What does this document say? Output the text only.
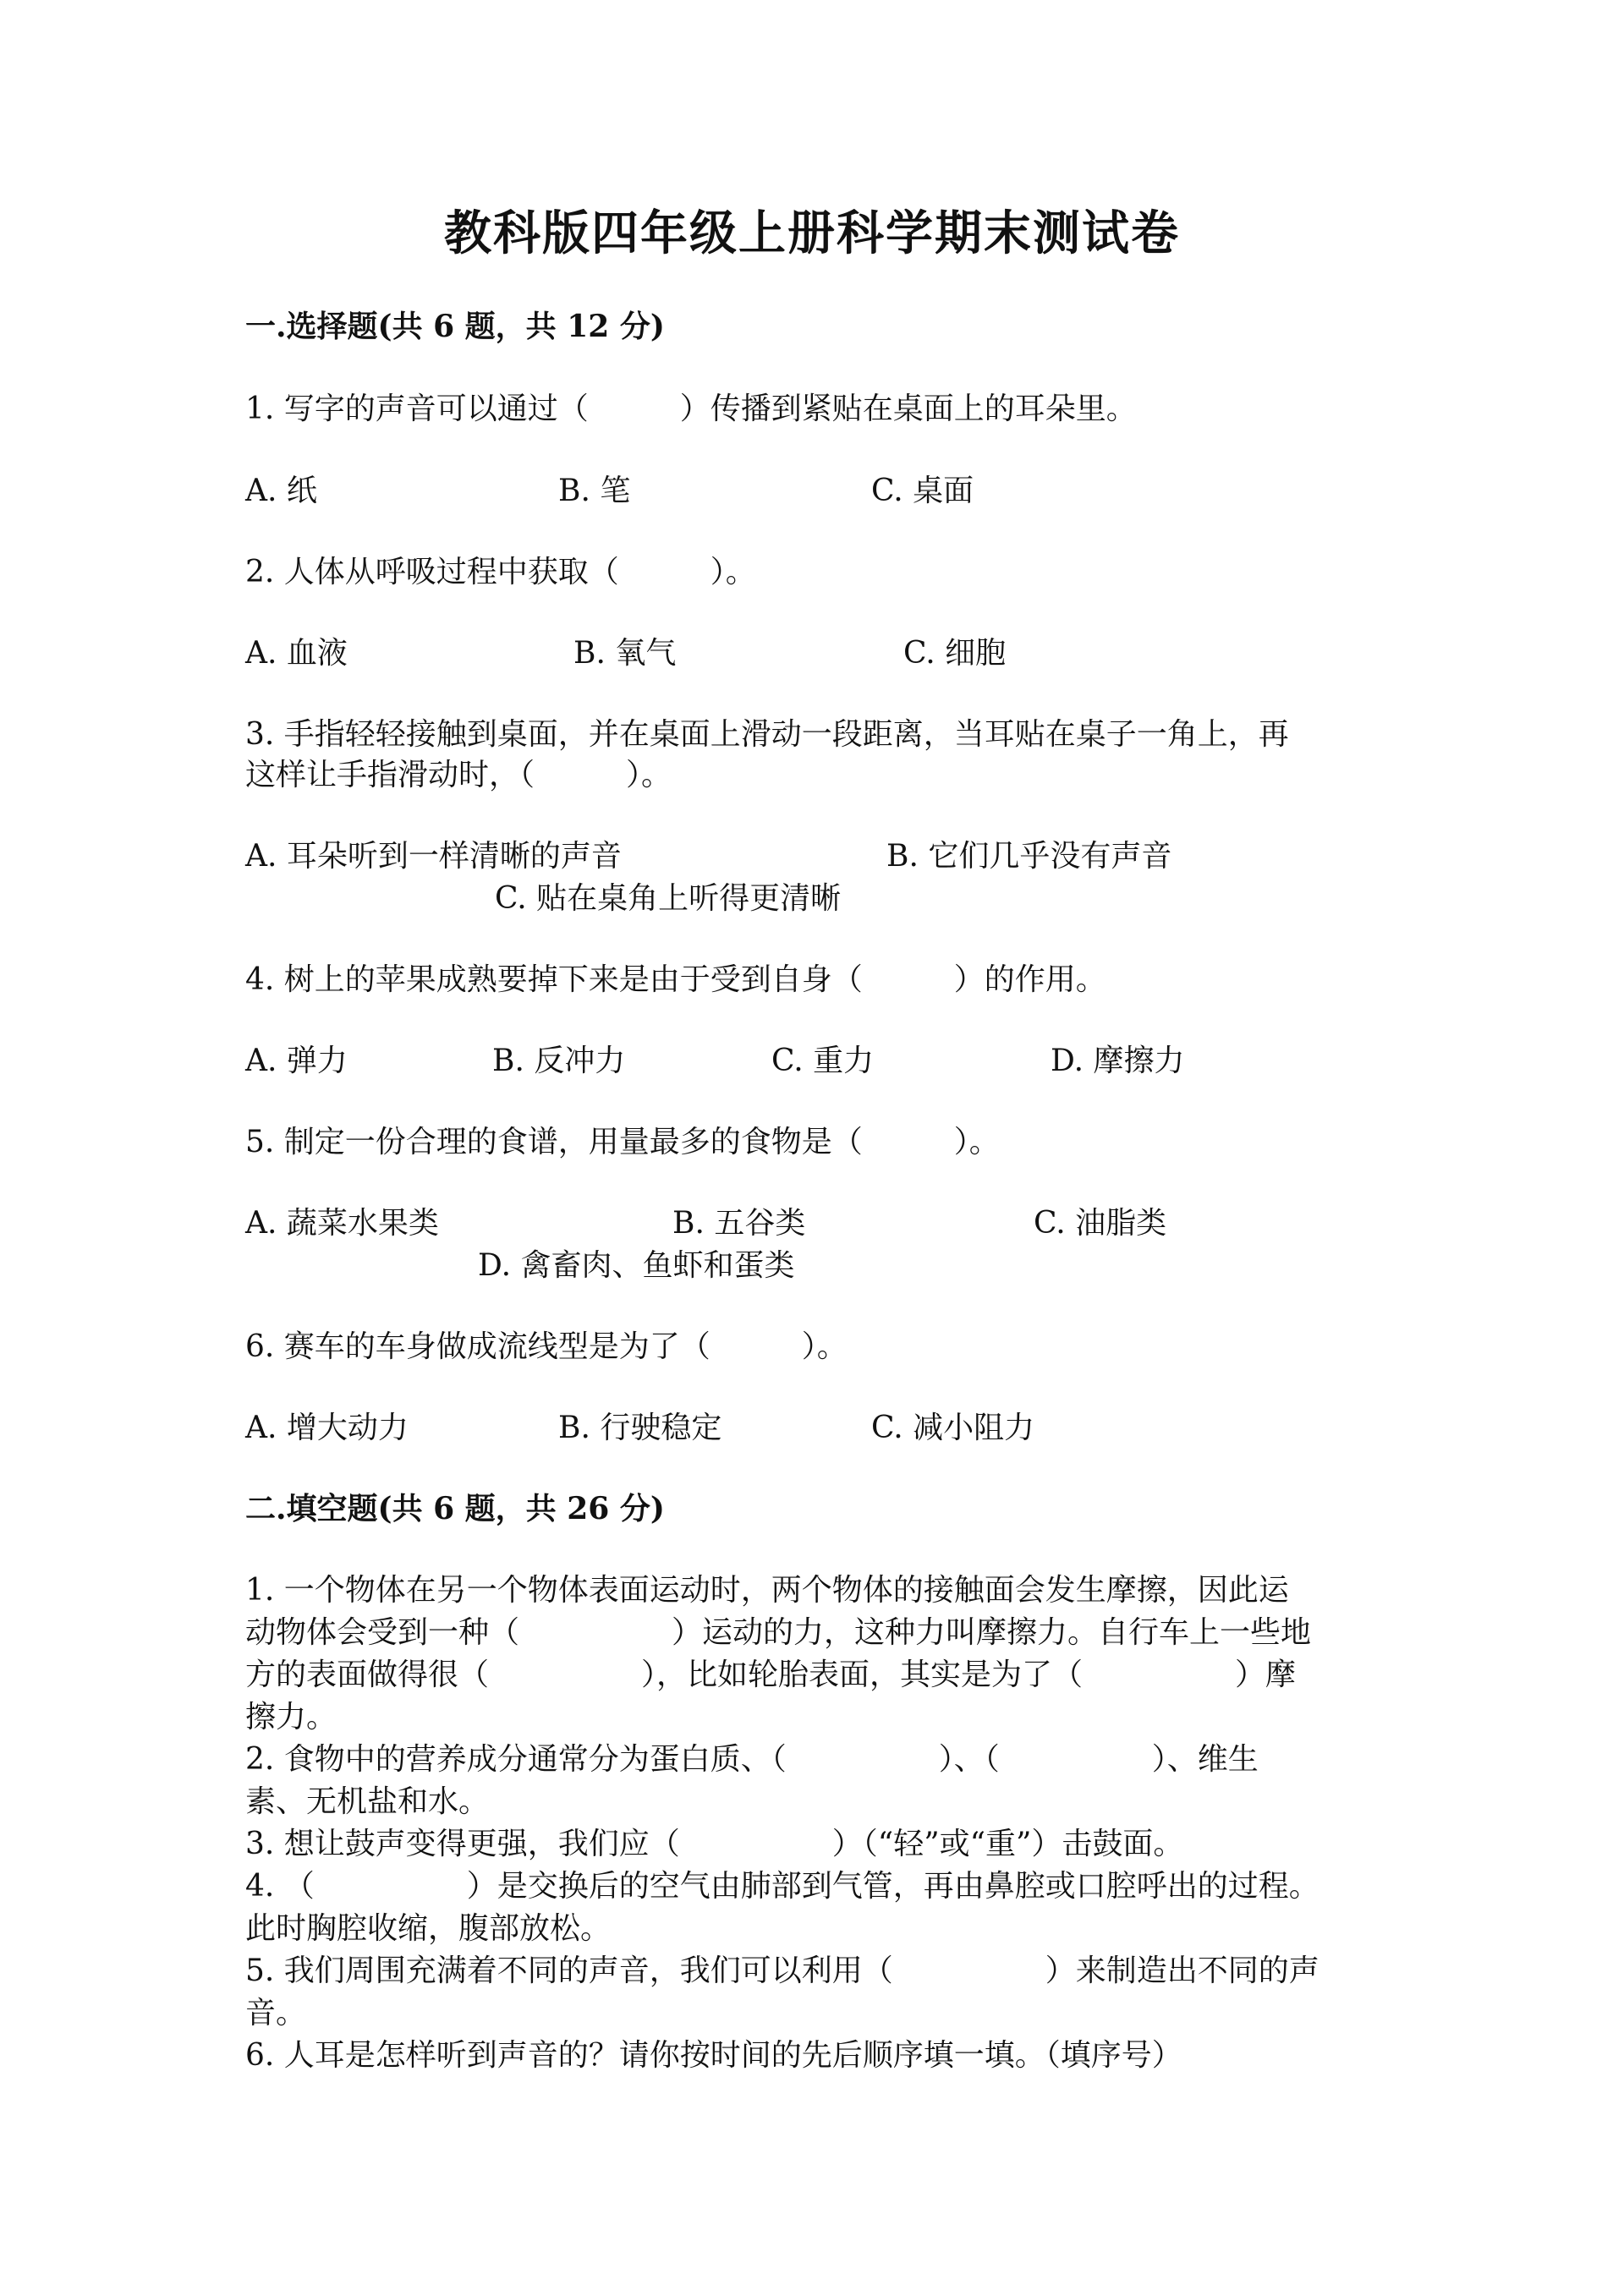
教科版四年级上册科学期末测试卷
一.选择题(共 6 题，共 12 分)
1. 写字的声音可以通过（　　　）传播到紧贴在桌面上的耳朵里。
A. 纸	B. 笔	C. 桌面
2. 人体从呼吸过程中获取（　　　）。
A. 血液	B. 氧气	C. 细胞
3. 手指轻轻接触到桌面，并在桌面上滑动一段距离，当耳贴在桌子一角上，再
这样让手指滑动时，（　　　）。
A. 耳朵听到一样清晰的声音	B. 它们几乎没有声音
C. 贴在桌角上听得更清晰
4. 树上的苹果成熟要掉下来是由于受到自身（　　　）的作用。
A. 弹力	B. 反冲力	C. 重力	D. 摩擦力
5. 制定一份合理的食谱，用量最多的食物是（　　　）。
A. 蔬菜水果类	B. 五谷类	C. 油脂类
D. 禽畜肉、鱼虾和蛋类
6. 赛车的车身做成流线型是为了（　　　）。
A. 增大动力	B. 行驶稳定	C. 减小阻力
二.填空题(共 6 题，共 26 分)
1. 一个物体在另一个物体表面运动时，两个物体的接触面会发生摩擦，因此运
动物体会受到一种（　　　　　）运动的力，这种力叫摩擦力。自行车上一些地
方的表面做得很（　　　　　），比如轮胎表面，其实是为了（　　　　　）摩
擦力。
2. 食物中的营养成分通常分为蛋白质、（　　　　　）、（　　　　　）、维生
素、无机盐和水。
3. 想让鼓声变得更强，我们应（　　　　　）（“轻”或“重”）击鼓面。
4. （　　　　　）是交换后的空气由肺部到气管，再由鼻腔或口腔呼出的过程。
此时胸腔收缩，腹部放松。
5. 我们周围充满着不同的声音，我们可以利用（　　　　　）来制造出不同的声
音。
6. 人耳是怎样听到声音的？请你按时间的先后顺序填一填。（填序号）
